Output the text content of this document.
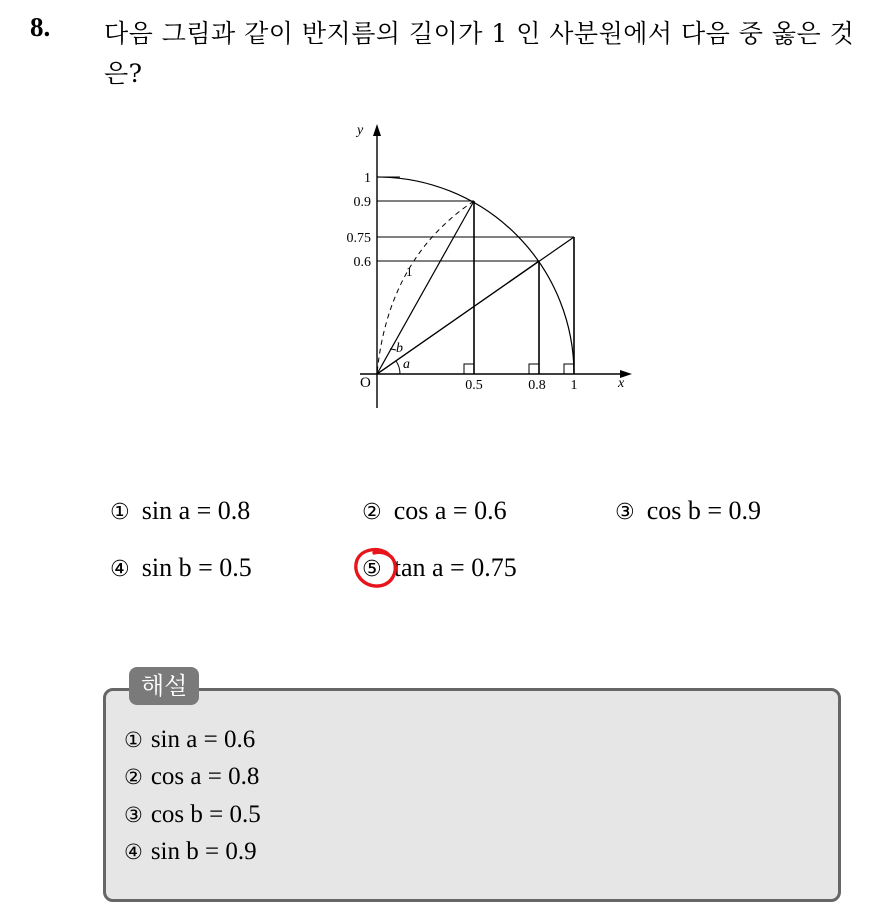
8. 다음 그림과 같이 반지름의 길이가 1 인 사분원에서 다음 중 옳은 것은?
y
x
O
1
0.9
0.75
0.6
0.5	0.8 1
1
a
b
① sin a = 0.8	② cos a = 0.6	③ cos b = 0.9
④ sin b = 0.5	⑤ tan a = 0.75
해설
① sin a = 0.6
② cos a = 0.8
③ cos b = 0.5
④ sin b = 0.9
